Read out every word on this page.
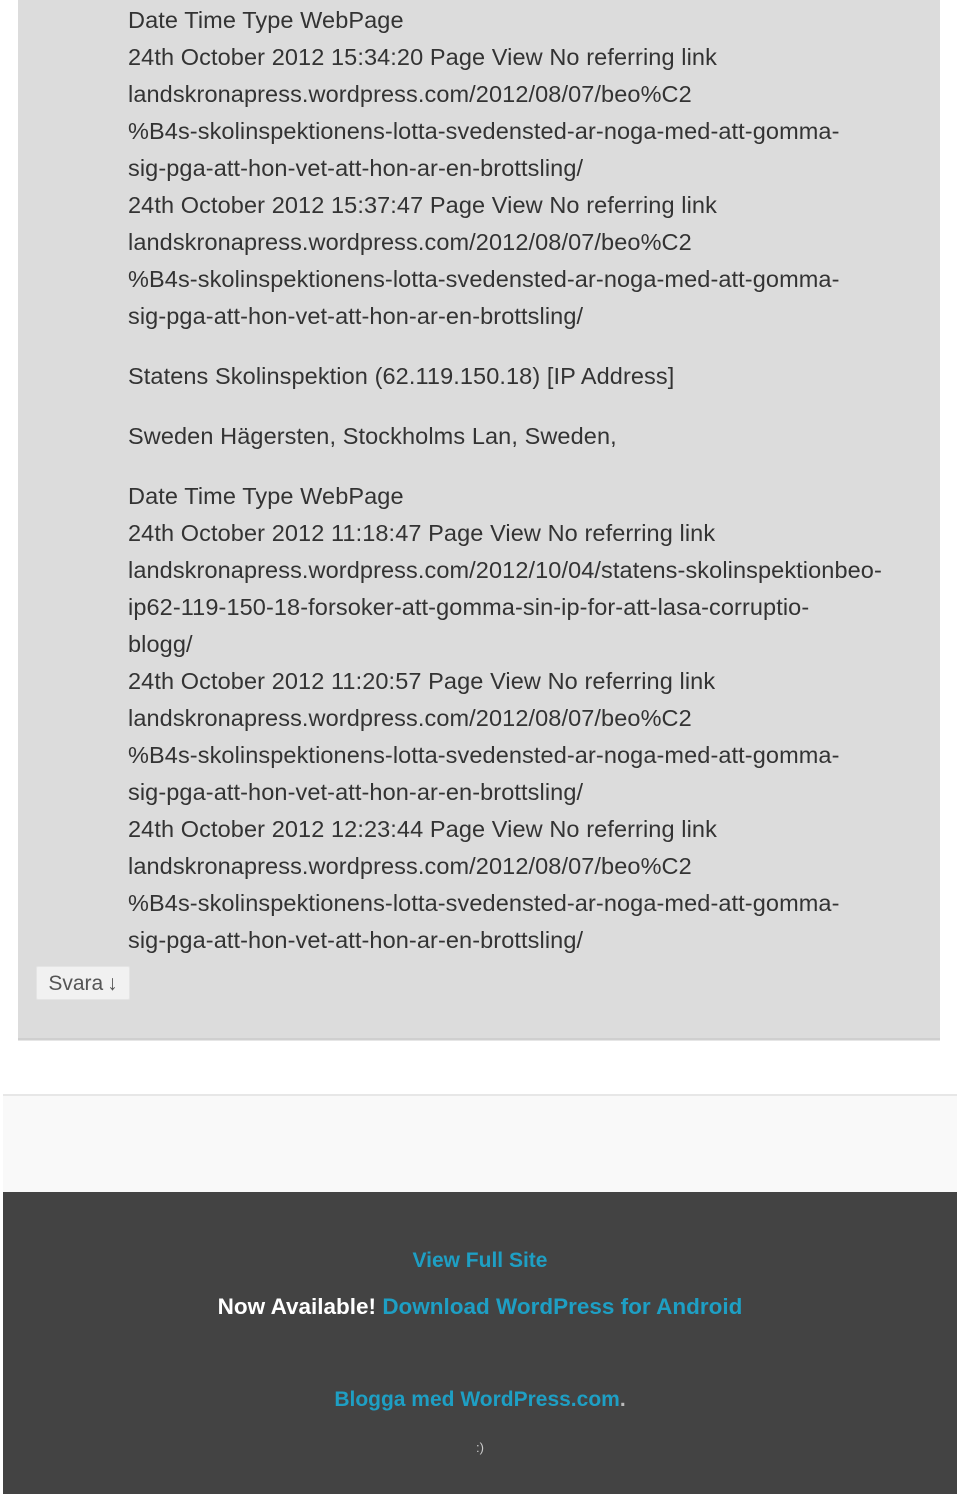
Date Time Type WebPage
24th October 2012 15:34:20 Page View No referring link
landskronapress.wordpress.com/2012/08/07/beo%C2
%B4s-skolinspektionens-lotta-svedensted-ar-noga-med-att-gomma-
sig-pga-att-hon-vet-att-hon-ar-en-brottsling/
24th October 2012 15:37:47 Page View No referring link
landskronapress.wordpress.com/2012/08/07/beo%C2
%B4s-skolinspektionens-lotta-svedensted-ar-noga-med-att-gomma-
sig-pga-att-hon-vet-att-hon-ar-en-brottsling/
Statens Skolinspektion (62.119.150.18) [IP Address]
Sweden Hägersten, Stockholms Lan, Sweden,
Date Time Type WebPage
24th October 2012 11:18:47 Page View No referring link
landskronapress.wordpress.com/2012/10/04/statens-skolinspektionbeo-
ip62-119-150-18-forsoker-att-gomma-sin-ip-for-att-lasa-corruptio-
blogg/
24th October 2012 11:20:57 Page View No referring link
landskronapress.wordpress.com/2012/08/07/beo%C2
%B4s-skolinspektionens-lotta-svedensted-ar-noga-med-att-gomma-
sig-pga-att-hon-vet-att-hon-ar-en-brottsling/
24th October 2012 12:23:44 Page View No referring link
landskronapress.wordpress.com/2012/08/07/beo%C2
%B4s-skolinspektionens-lotta-svedensted-ar-noga-med-att-gomma-
sig-pga-att-hon-vet-att-hon-ar-en-brottsling/
Svara ↓
View Full Site
Now Available! Download WordPress for Android
Blogga med WordPress.com.
:)
